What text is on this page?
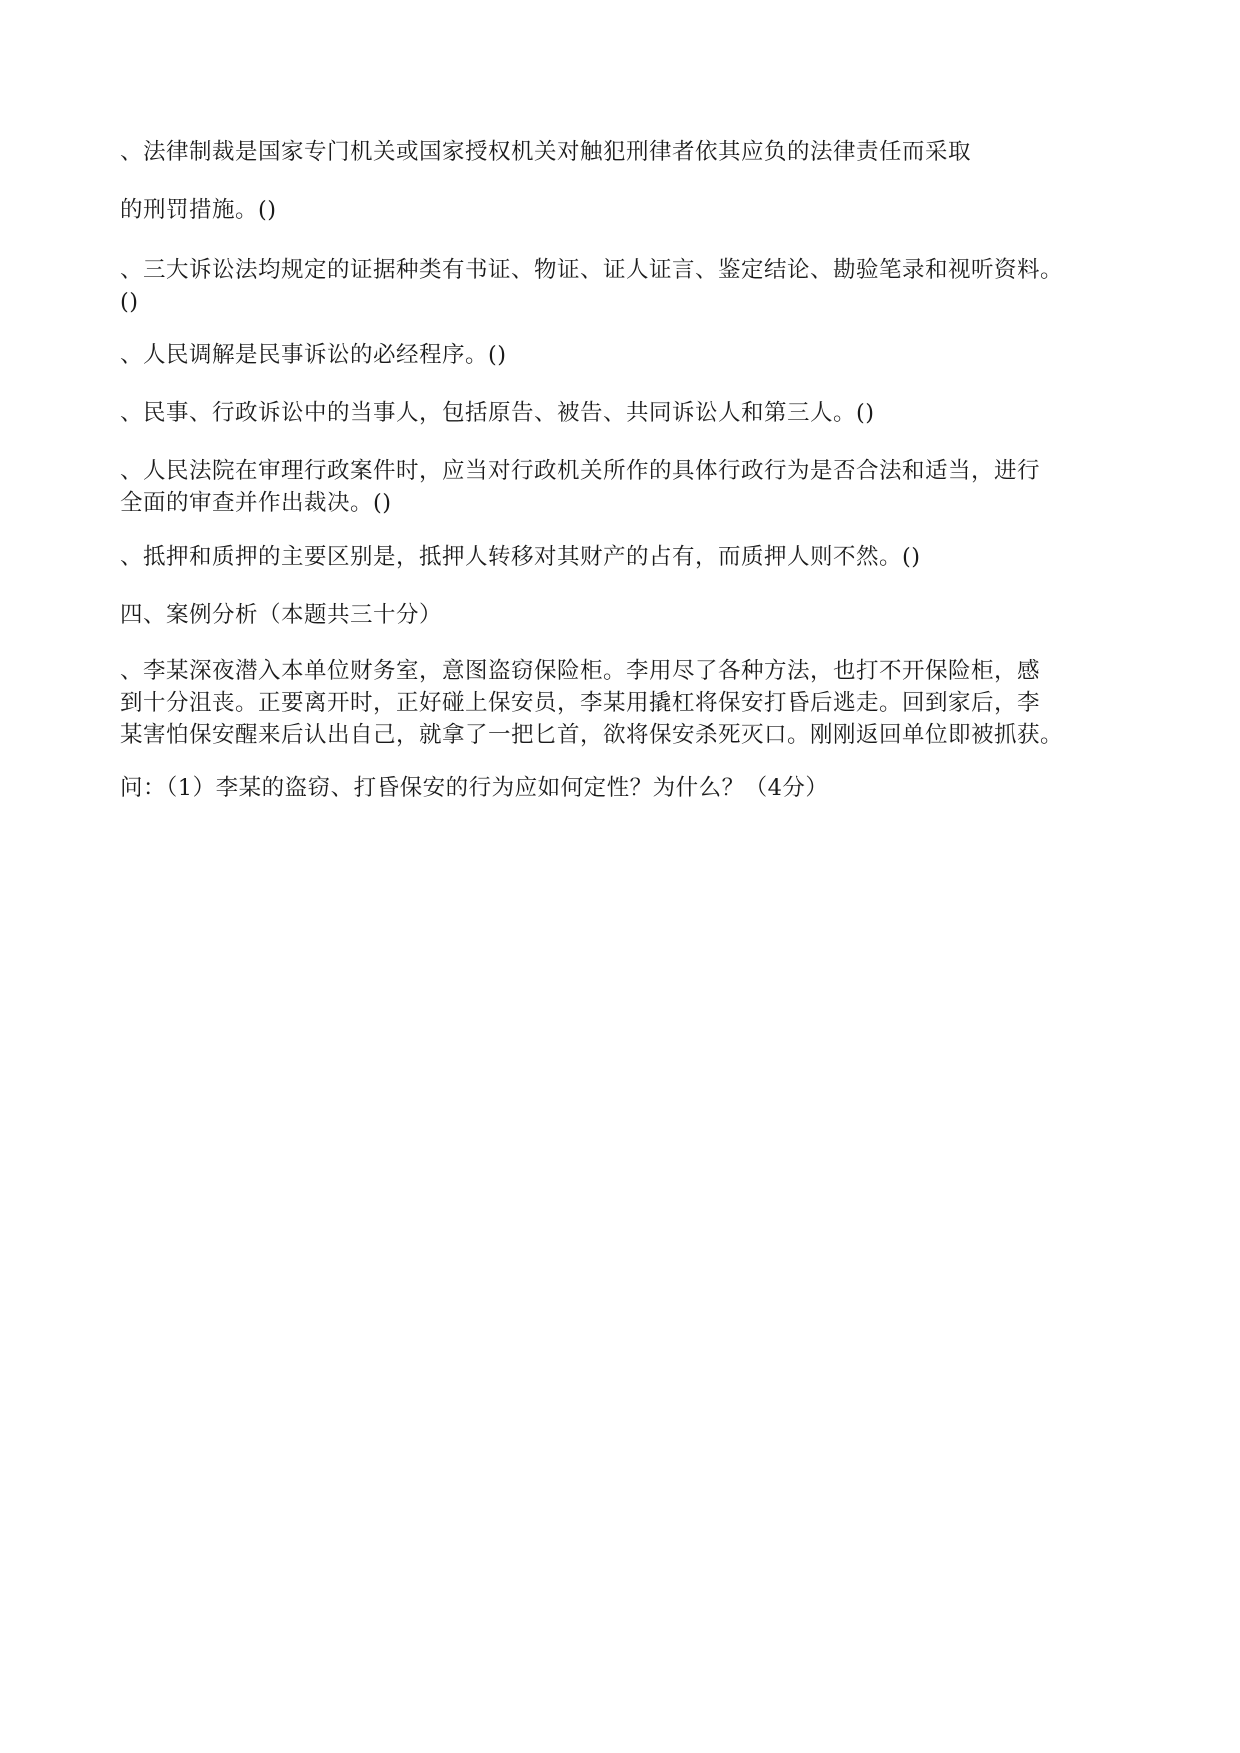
、法律制裁是国家专门机关或国家授权机关对触犯刑律者依其应负的法律责任而采取
的刑罚措施。()
、三大诉讼法均规定的证据种类有书证、物证、证人证言、鉴定结论、勘验笔录和视听资料。
()
、人民调解是民事诉讼的必经程序。()
、民事、行政诉讼中的当事人，包括原告、被告、共同诉讼人和第三人。()
、人民法院在审理行政案件时，应当对行政机关所作的具体行政行为是否合法和适当，进行
全面的审查并作出裁决。()
、抵押和质押的主要区别是，抵押人转移对其财产的占有，而质押人则不然。()
四、案例分析（本题共三十分）
、李某深夜潜入本单位财务室，意图盗窃保险柜。李用尽了各种方法，也打不开保险柜，感
到十分沮丧。正要离开时，正好碰上保安员，李某用撬杠将保安打昏后逃走。回到家后，李
某害怕保安醒来后认出自己，就拿了一把匕首，欲将保安杀死灭口。刚刚返回单位即被抓获。
问：（1）李某的盗窃、打昏保安的行为应如何定性？为什么？（4分）
